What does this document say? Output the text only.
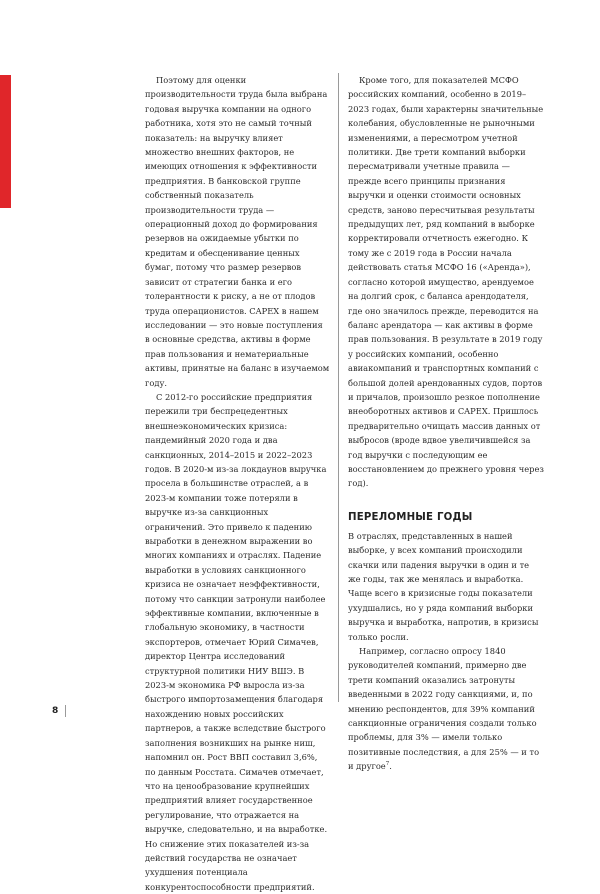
Поэтому для оценки производительности труда была выбрана годовая выручка компании на одного работника, хотя это не самый точный показатель: на выручку влияет множество внешних факторов, не имеющих отношения к эффективности предприятия. В банковской группе собственный показатель производительности труда — операционный доход до формирования резервов на ожидаемые убытки по кредитам и обесценивание ценных бумаг, потому что размер резервов зависит от стратегии банка и его толерантности к риску, а не от плодов труда операционистов. CAPEX в нашем исследовании — это новые поступления в основные средства, активы в форме прав пользования и нематериальные активы, принятые на баланс в изучаемом году.

С 2012-го российские предприятия пережили три беспрецедентных внешнеэкономических кризиса: пандемийный 2020 года и два санкционных, 2014–2015 и 2022–2023 годов. В 2020-м из-за локдаунов выручка просела в большинстве отраслей, а в 2023-м компании тоже потеряли в выручке из-за санкционных ограничений. Это привело к падению выработки в денежном выражении во многих компаниях и отраслях. Падение выработки в условиях санкционного кризиса не означает неэффективности, потому что санкции затронули наиболее эффективные компании, включенные в глобальную экономику, в частности экспортеров, отмечает Юрий Симачев, директор Центра исследований структурной политики НИУ ВШЭ. В 2023-м экономика РФ выросла из-за быстрого импортозамещения благодаря нахождению новых российских партнеров, а также вследствие быстрого заполнения возникших на рынке ниш, напомнил он. Рост ВВП составил 3,6%, по данным Росстата. Симачев отмечает, что на ценообразование крупнейших предприятий влияет государственное регулирование, что отражается на выручке, следовательно, и на выработке. Но снижение этих показателей из-за действий государства не означает ухудшения потенциала конкурентоспособности предприятий.

Кроме того, для показателей МСФО российских компаний, особенно в 2019–2023 годах, были характерны значительные колебания, обусловленные не рыночными изменениями, а пересмотром учетной политики. Две трети компаний выборки пересматривали учетные правила — прежде всего принципы признания выручки и оценки стоимости основных средств, заново пересчитывая результаты предыдущих лет, ряд компаний в выборке корректировали отчетность ежегодно. К тому же с 2019 года в России начала действовать статья МСФО 16 («Аренда»), согласно которой имущество, арендуемое на долгий срок, с баланса арендодателя, где оно значилось прежде, переводится на баланс арендатора — как активы в форме прав пользования. В результате в 2019 году у российских компаний, особенно авиакомпаний и транспортных компаний с большой долей арендованных судов, портов и причалов, произошло резкое пополнение внеоборотных активов и CAPEX. Пришлось предварительно очищать массив данных от выбросов (вроде вдвое увеличившейся за год выручки с последующим ее восстановлением до прежнего уровня через год).

ПЕРЕЛОМНЫЕ ГОДЫ

В отраслях, представленных в нашей выборке, у всех компаний происходили скачки или падения выручки в один и те же годы, так же менялась и выработка. Чаще всего в кризисные годы показатели ухудшались, но у ряда компаний выборки выручка и выработка, напротив, в кризисы только росли.

Например, согласно опросу 1840 руководителей компаний, примерно две трети компаний оказались затронуты введенными в 2022 году санкциями, и, по мнению респондентов, для 39% компаний санкционные ограничения создали только проблемы, для 3% — имели только позитивные последствия, а для 25% — и то и другое$^7$.

8
